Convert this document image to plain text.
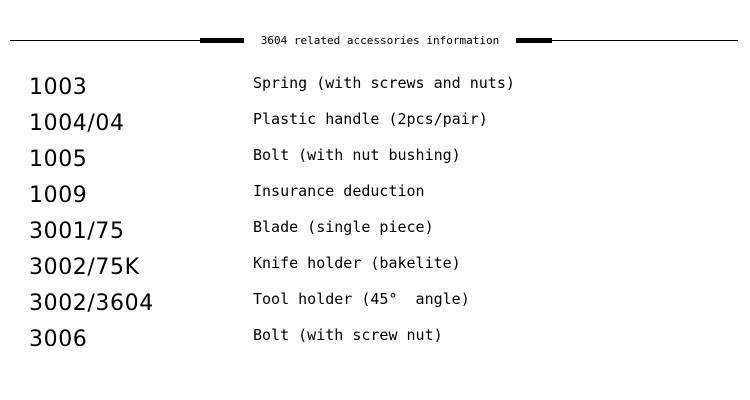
3604 related accessories information
1003	Spring (with screws and nuts)
1004/04	Plastic handle (2pcs/pair)
1005	Bolt (with nut bushing)
1009	Insurance deduction
3001/75	Blade (single piece)
3002/75K	Knife holder (bakelite)
3002/3604	Tool holder (45°  angle)
3006	Bolt (with screw nut)
